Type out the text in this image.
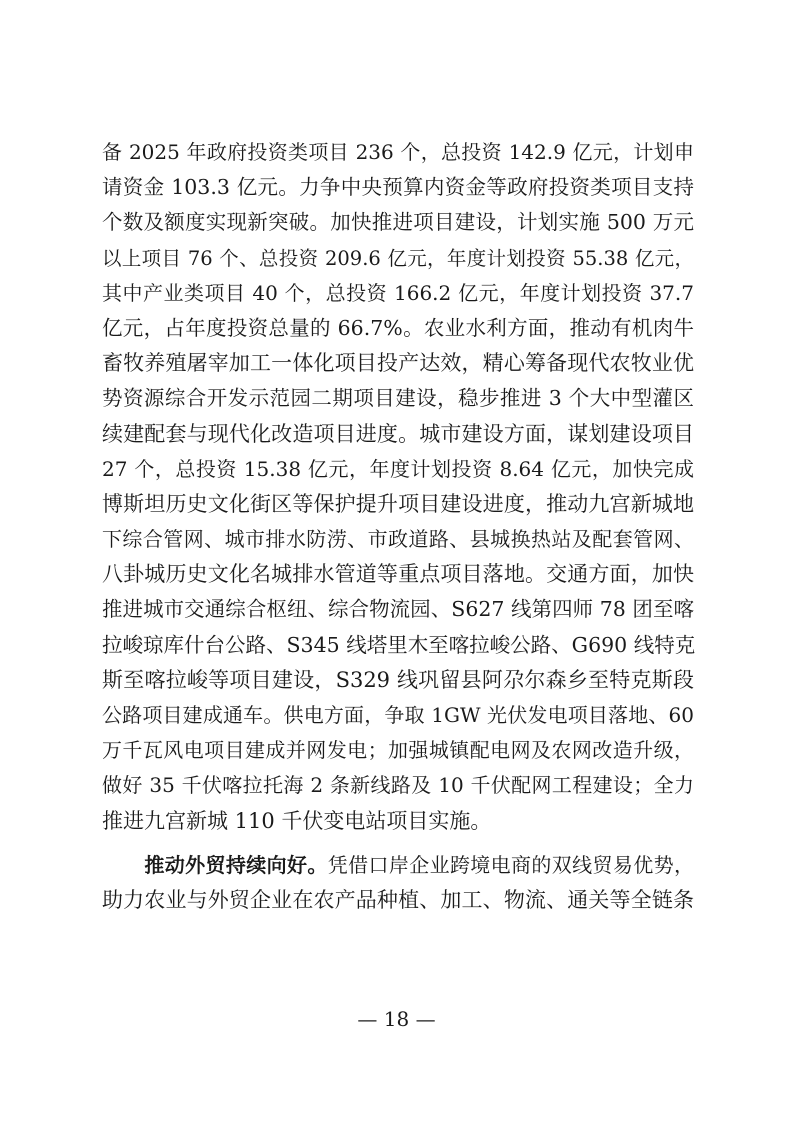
备 2025 年政府投资类项目 236 个，总投资 142.9 亿元，计划申
请资金 103.3 亿元。力争中央预算内资金等政府投资类项目支持
个数及额度实现新突破。加快推进项目建设，计划实施 500 万元
以上项目 76 个、总投资 209.6 亿元，年度计划投资 55.38 亿元，
其中产业类项目 40 个，总投资 166.2 亿元，年度计划投资 37.7
亿元，占年度投资总量的 66.7%。农业水利方面，推动有机肉牛
畜牧养殖屠宰加工一体化项目投产达效，精心筹备现代农牧业优
势资源综合开发示范园二期项目建设，稳步推进 3 个大中型灌区
续建配套与现代化改造项目进度。城市建设方面，谋划建设项目
27 个，总投资 15.38 亿元，年度计划投资 8.64 亿元，加快完成
博斯坦历史文化街区等保护提升项目建设进度，推动九宫新城地
下综合管网、城市排水防涝、市政道路、县城换热站及配套管网、
八卦城历史文化名城排水管道等重点项目落地。交通方面，加快
推进城市交通综合枢纽、综合物流园、S627 线第四师 78 团至喀
拉峻琼库什台公路、S345 线塔里木至喀拉峻公路、G690 线特克
斯至喀拉峻等项目建设，S329 线巩留县阿尕尔森乡至特克斯段
公路项目建成通车。供电方面，争取 1GW 光伏发电项目落地、60
万千瓦风电项目建成并网发电；加强城镇配电网及农网改造升级，
做好 35 千伏喀拉托海 2 条新线路及 10 千伏配网工程建设；全力
推进九宫新城 110 千伏变电站项目实施。
推动外贸持续向好。凭借口岸企业跨境电商的双线贸易优势，
助力农业与外贸企业在农产品种植、加工、物流、通关等全链条
— 18 —
